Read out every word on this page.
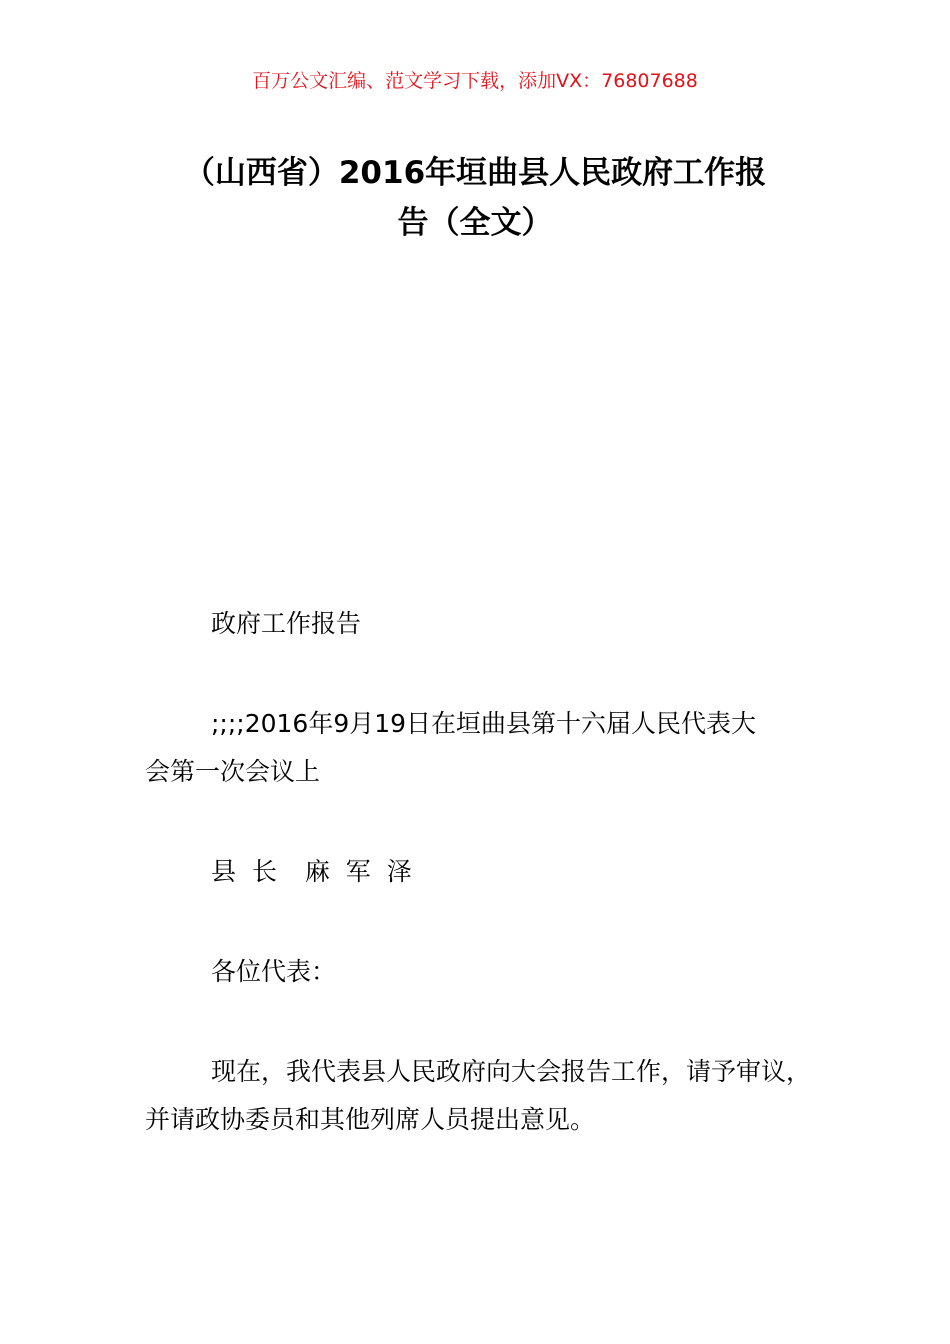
百万公文汇编、范文学习下载，添加VX：76807688
（山西省）2016年垣曲县人民政府工作报
告（全文）
政府工作报告
;;;;2016年9月19日在垣曲县第十六届人民代表大
会第一次会议上
县 长  麻 军 泽
各位代表：
现在，我代表县人民政府向大会报告工作，请予审议，
并请政协委员和其他列席人员提出意见。
